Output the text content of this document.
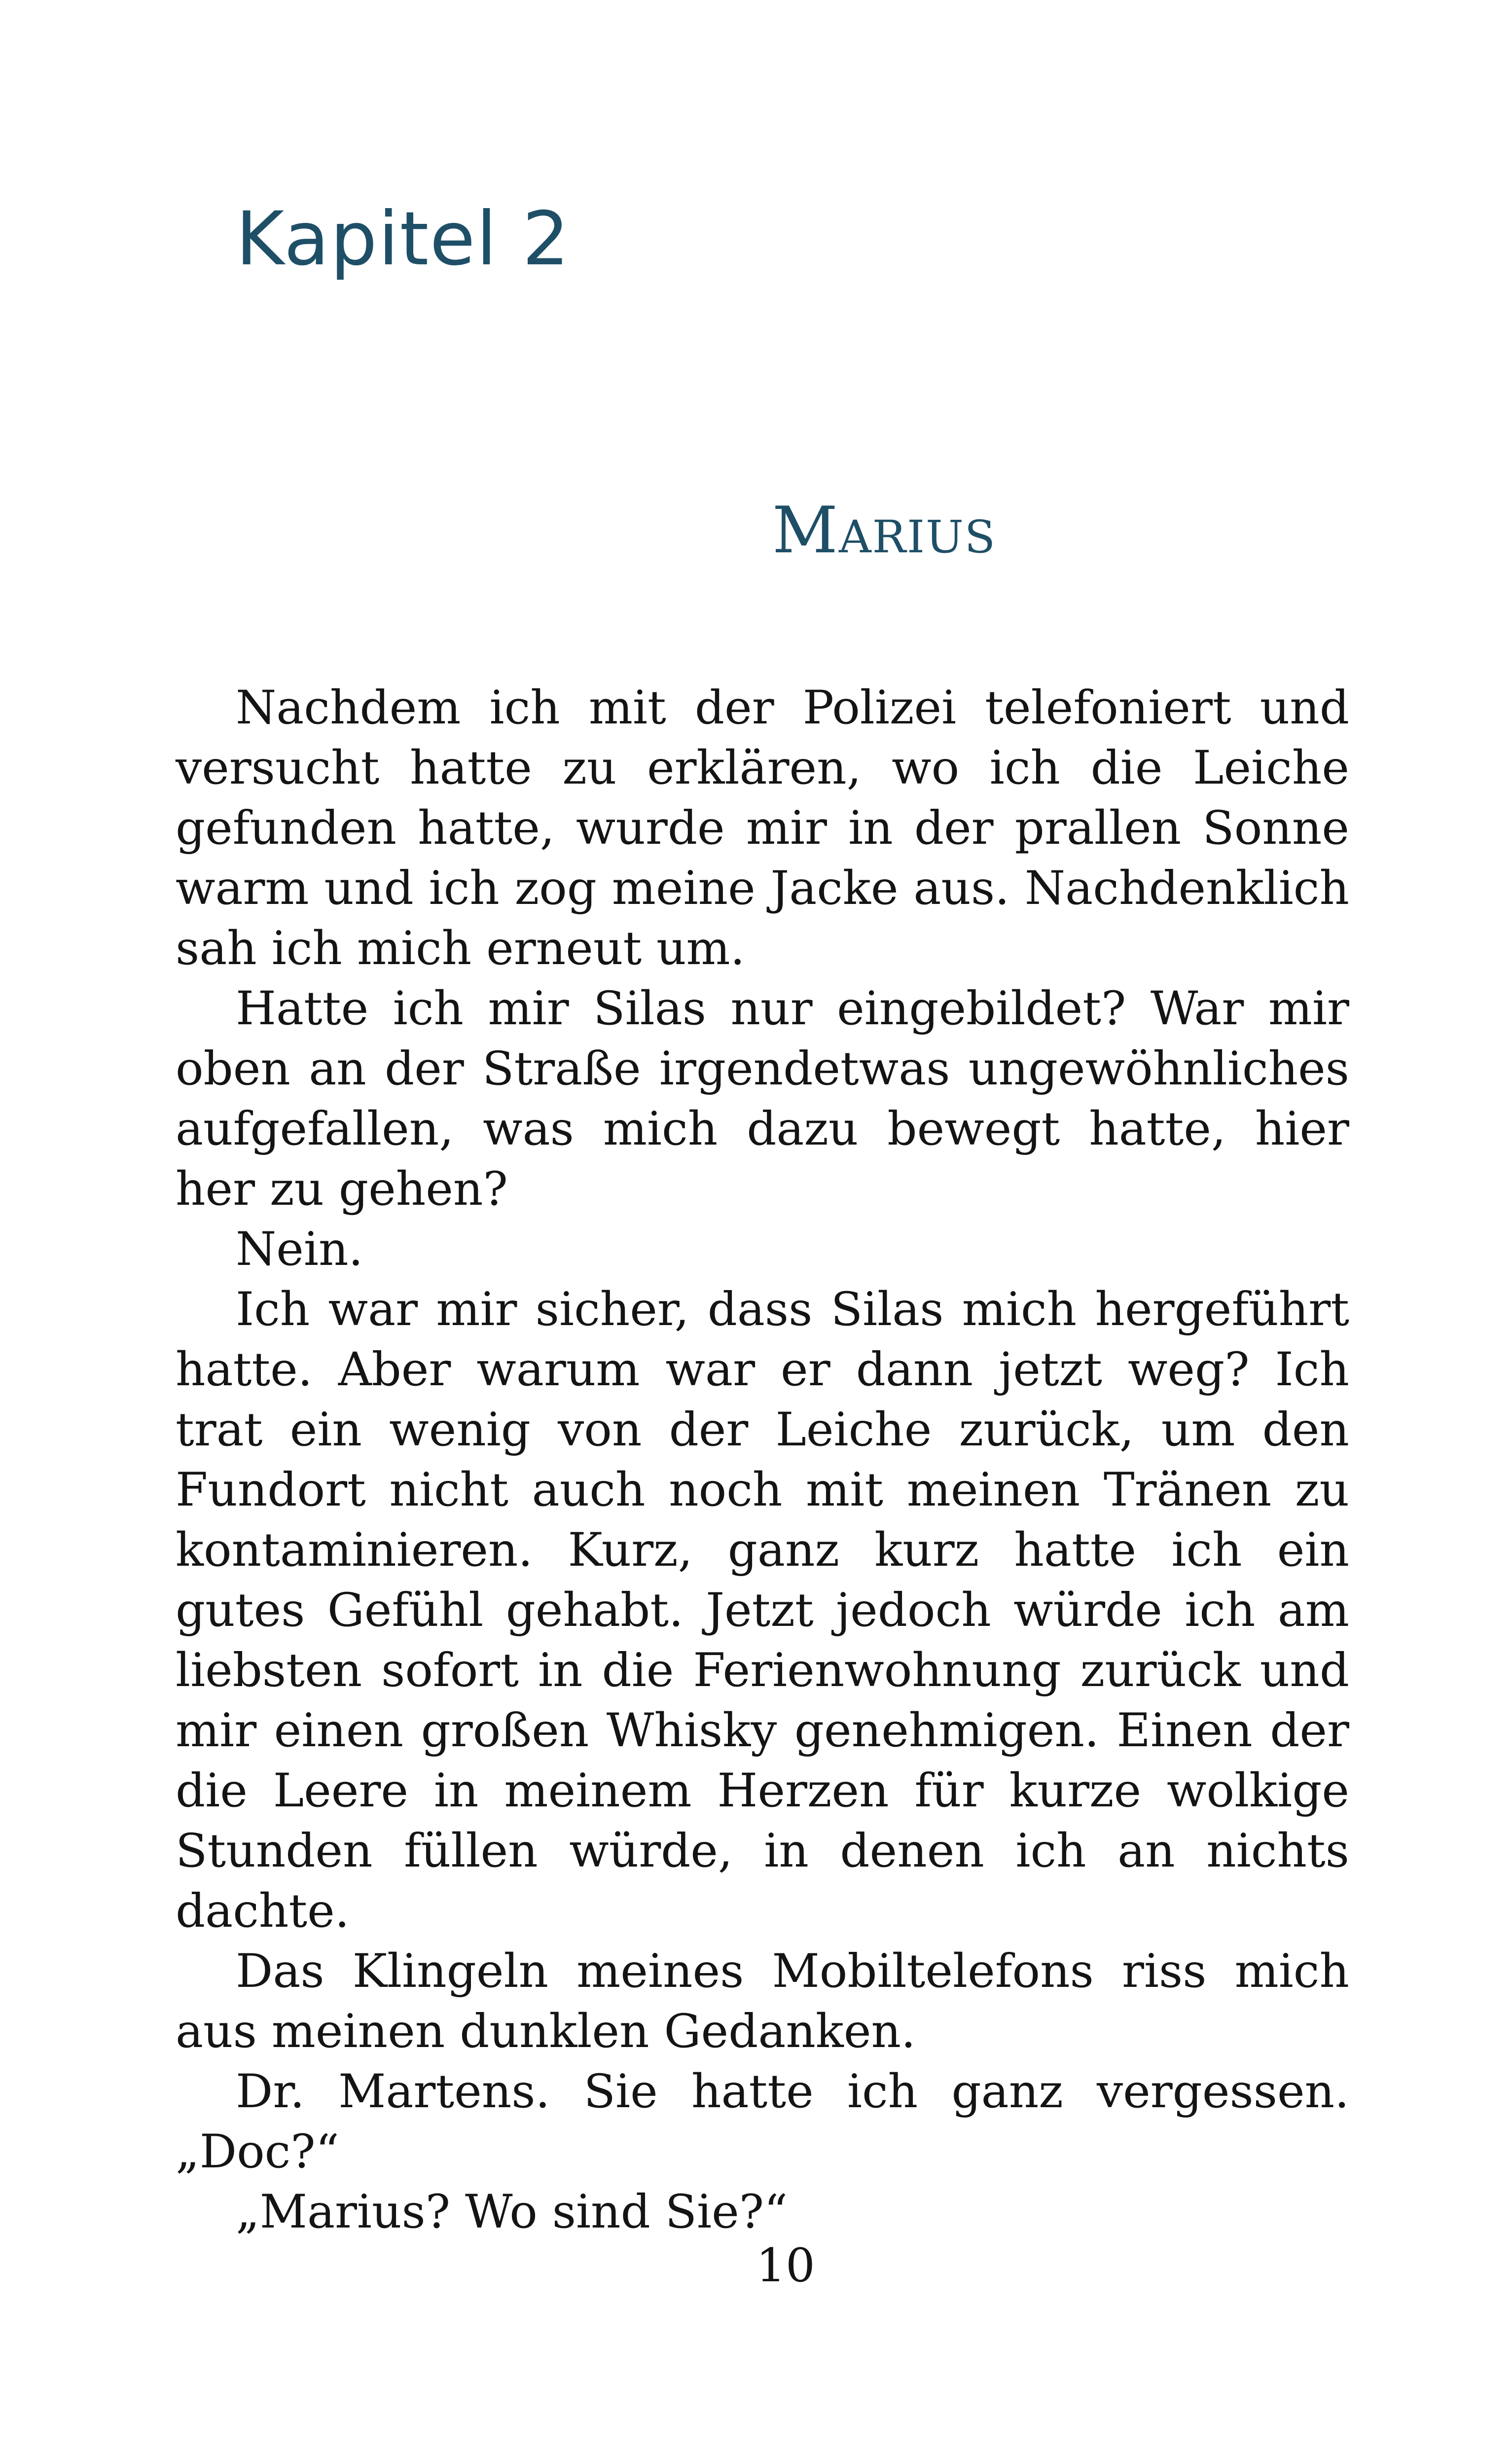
Kapitel 2
Marius

Nachdem ich mit der Polizei telefoniert und versucht hatte zu erklären, wo ich die Leiche gefunden hatte, wurde mir in der prallen Sonne warm und ich zog meine Jacke aus. Nachdenklich sah ich mich erneut um.

Hatte ich mir Silas nur eingebildet? War mir oben an der Straße irgendetwas ungewöhnliches aufgefallen, was mich dazu bewegt hatte, hier her zu gehen?

Nein.

Ich war mir sicher, dass Silas mich hergeführt hatte. Aber warum war er dann jetzt weg? Ich trat ein wenig von der Leiche zurück, um den Fundort nicht auch noch mit meinen Tränen zu kontaminieren. Kurz, ganz kurz hatte ich ein gutes Gefühl gehabt. Jetzt jedoch würde ich am liebsten sofort in die Ferienwohnung zurück und mir einen großen Whisky genehmigen. Einen der die Leere in meinem Herzen für kurze wolkige Stunden füllen würde, in denen ich an nichts dachte.

Das Klingeln meines Mobiltelefons riss mich aus meinen dunklen Gedanken.

Dr. Martens. Sie hatte ich ganz vergessen. „Doc?“

„Marius? Wo sind Sie?“

10
